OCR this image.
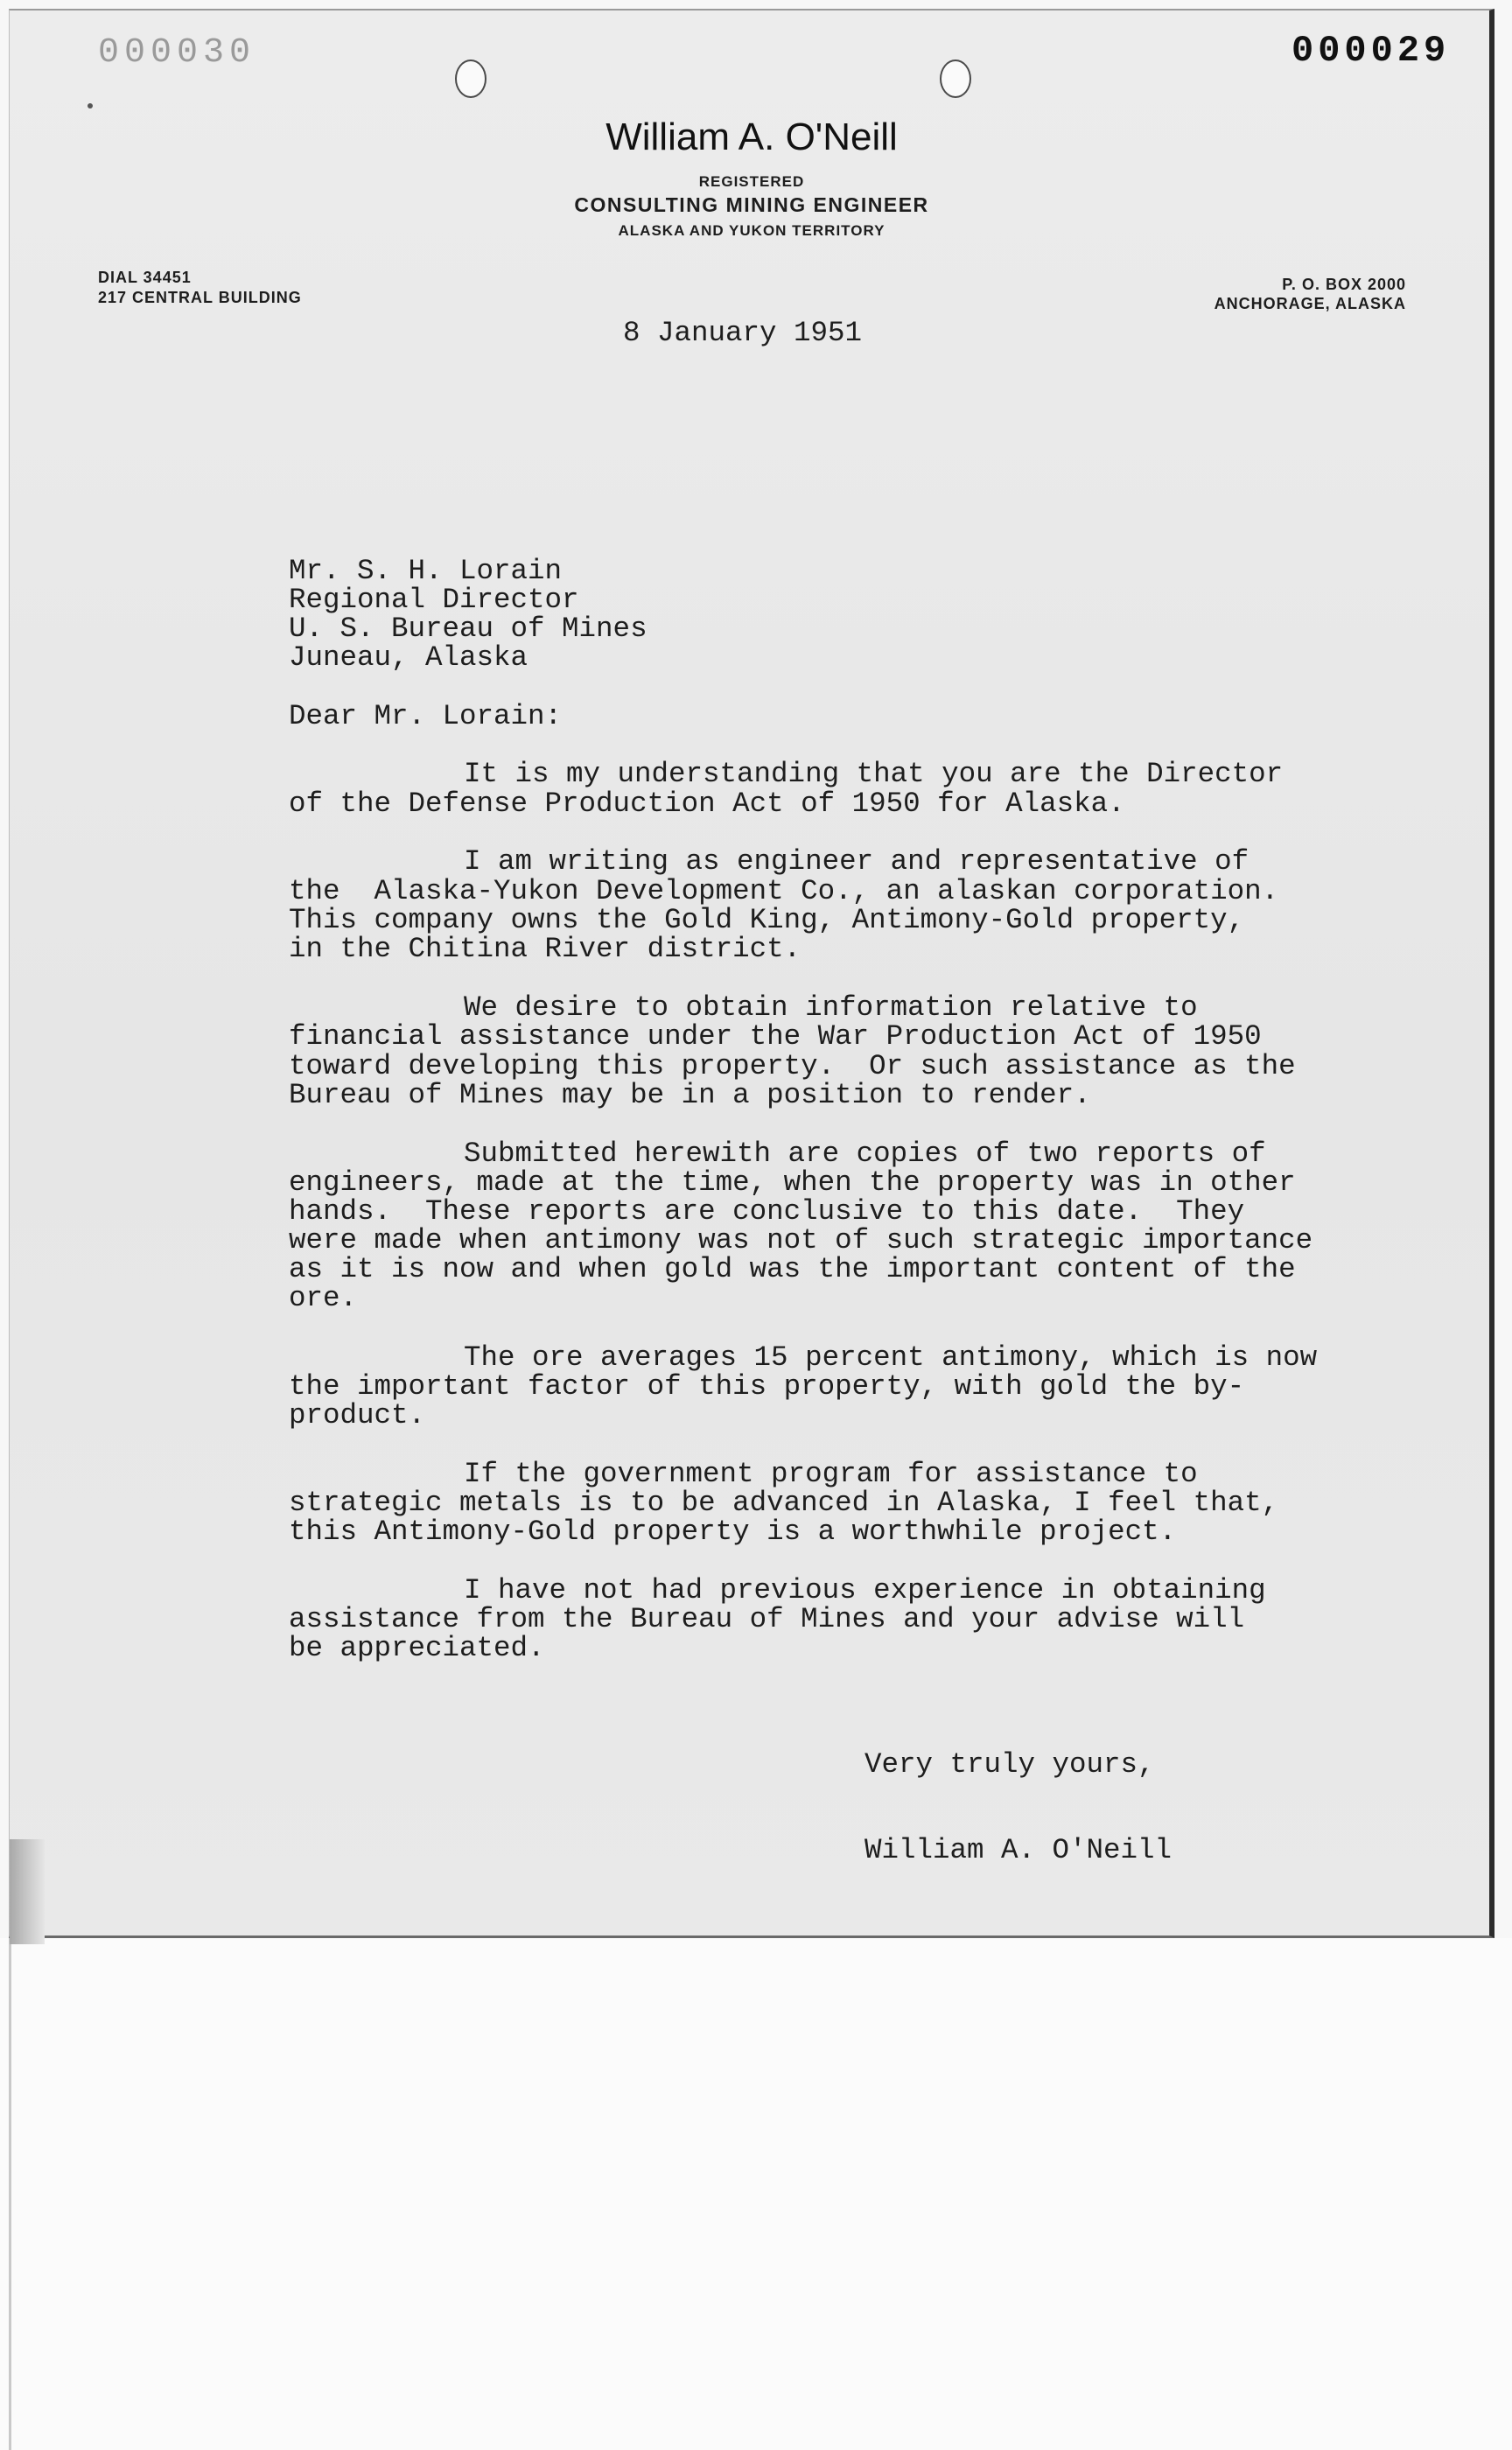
000030	000029

William A. O'Neill

REGISTERED

CONSULTING MINING ENGINEER

ALASKA AND YUKON TERRITORY

DIAL 34451

217 CENTRAL BUILDING

P. O. BOX 2000

ANCHORAGE, ALASKA

8 January 1951

Mr. S. H. Lorain

Regional Director

U. S. Bureau of Mines

Juneau, Alaska

Dear Mr. Lorain:

It is my understanding that you are the Director

of the Defense Production Act of 1950 for Alaska.

I am writing as engineer and representative of

the  Alaska-Yukon Development Co., an alaskan corporation.

This company owns the Gold King, Antimony-Gold property,

in the Chitina River district.

We desire to obtain information relative to

financial assistance under the War Production Act of 1950

toward developing this property.  Or such assistance as the

Bureau of Mines may be in a position to render.

Submitted herewith are copies of two reports of

engineers, made at the time, when the property was in other

hands.  These reports are conclusive to this date.  They

were made when antimony was not of such strategic importance

as it is now and when gold was the important content of the

ore.

The ore averages 15 percent antimony, which is now

the important factor of this property, with gold the by-

product.

If the government program for assistance to

strategic metals is to be advanced in Alaska, I feel that,

this Antimony-Gold property is a worthwhile project.

I have not had previous experience in obtaining

assistance from the Bureau of Mines and your advise will

be appreciated.

Very truly yours,

William A. O'Neill
